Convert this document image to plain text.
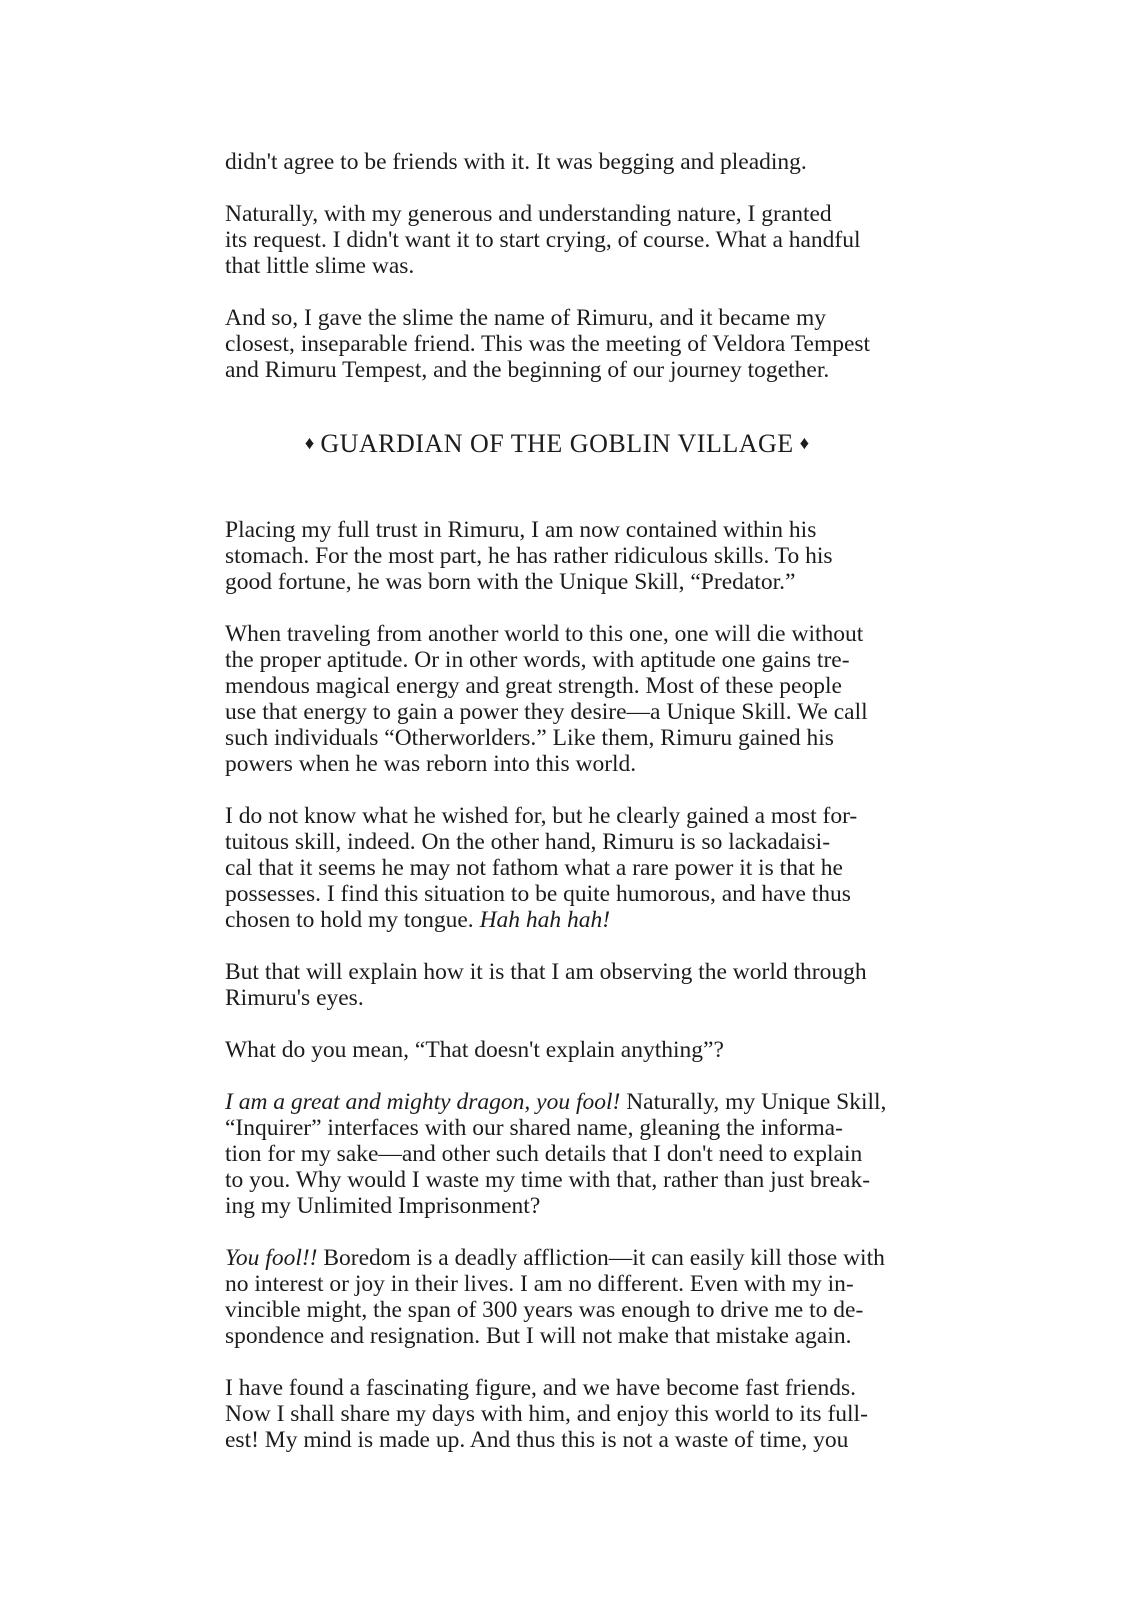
didn't agree to be friends with it. It was begging and pleading.
Naturally, with my generous and understanding nature, I granted
its request. I didn't want it to start crying, of course. What a handful
that little slime was.
And so, I gave the slime the name of Rimuru, and it became my
closest, inseparable friend. This was the meeting of Veldora Tempest
and Rimuru Tempest, and the beginning of our journey together.
♦ GUARDIAN OF THE GOBLIN VILLAGE ♦
Placing my full trust in Rimuru, I am now contained within his
stomach. For the most part, he has rather ridiculous skills. To his
good fortune, he was born with the Unique Skill, “Predator.”
When traveling from another world to this one, one will die without
the proper aptitude. Or in other words, with aptitude one gains tre-
mendous magical energy and great strength. Most of these people
use that energy to gain a power they desire—a Unique Skill. We call
such individuals “Otherworlders.” Like them, Rimuru gained his
powers when he was reborn into this world.
I do not know what he wished for, but he clearly gained a most for-
tuitous skill, indeed. On the other hand, Rimuru is so lackadaisi-
cal that it seems he may not fathom what a rare power it is that he
possesses. I find this situation to be quite humorous, and have thus
chosen to hold my tongue. Hah hah hah!
But that will explain how it is that I am observing the world through
Rimuru's eyes.
What do you mean, “That doesn't explain anything”?
I am a great and mighty dragon, you fool! Naturally, my Unique Skill,
“Inquirer” interfaces with our shared name, gleaning the informa-
tion for my sake—and other such details that I don't need to explain
to you. Why would I waste my time with that, rather than just break-
ing my Unlimited Imprisonment?
You fool!! Boredom is a deadly affliction—it can easily kill those with
no interest or joy in their lives. I am no different. Even with my in-
vincible might, the span of 300 years was enough to drive me to de-
spondence and resignation. But I will not make that mistake again.
I have found a fascinating figure, and we have become fast friends.
Now I shall share my days with him, and enjoy this world to its full-
est! My mind is made up. And thus this is not a waste of time, you
